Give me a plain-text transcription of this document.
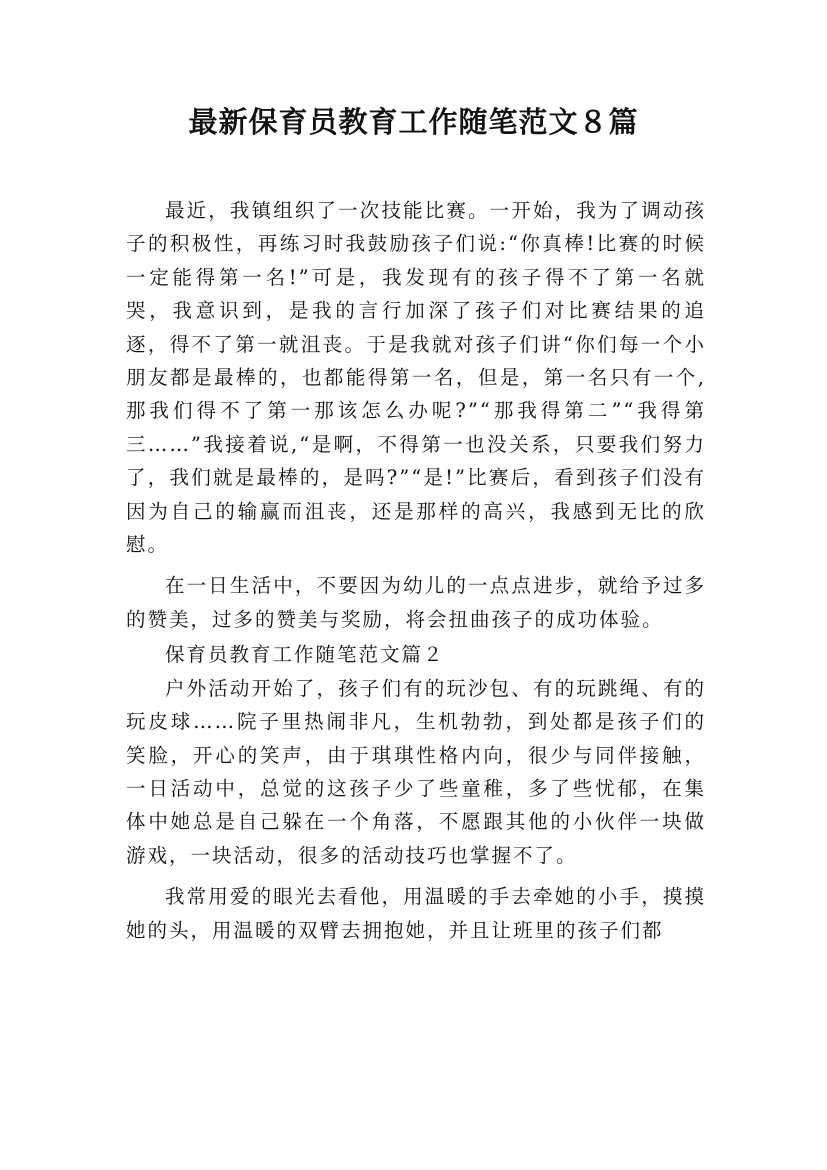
最新保育员教育工作随笔范文８篇

最近，我镇组织了一次技能比赛。一开始，我为了调动孩子的积极性，再练习时我鼓励孩子们说:“你真棒!比赛的时候一定能得第一名!”可是，我发现有的孩子得不了第一名就哭，我意识到，是我的言行加深了孩子们对比赛结果的追逐，得不了第一就沮丧。于是我就对孩子们讲“你们每一个小朋友都是最棒的，也都能得第一名，但是，第一名只有一个,那我们得不了第一那该怎么办呢?”“那我得第二”“我得第三……”我接着说,“是啊，不得第一也没关系，只要我们努力了，我们就是最棒的，是吗?”“是!”比赛后，看到孩子们没有因为自己的输赢而沮丧，还是那样的高兴，我感到无比的欣慰。

在一日生活中，不要因为幼儿的一点点进步，就给予过多的赞美，过多的赞美与奖励，将会扭曲孩子的成功体验。

保育员教育工作随笔范文篇２

户外活动开始了，孩子们有的玩沙包、有的玩跳绳、有的玩皮球……院子里热闹非凡，生机勃勃，到处都是孩子们的笑脸，开心的笑声，由于琪琪性格内向，很少与同伴接触，一日活动中，总觉的这孩子少了些童稚，多了些忧郁，在集体中她总是自己躲在一个角落，不愿跟其他的小伙伴一块做游戏，一块活动，很多的活动技巧也掌握不了。

我常用爱的眼光去看他，用温暖的手去牵她的小手，摸摸她的头，用温暖的双臂去拥抱她，并且让班里的孩子们都
